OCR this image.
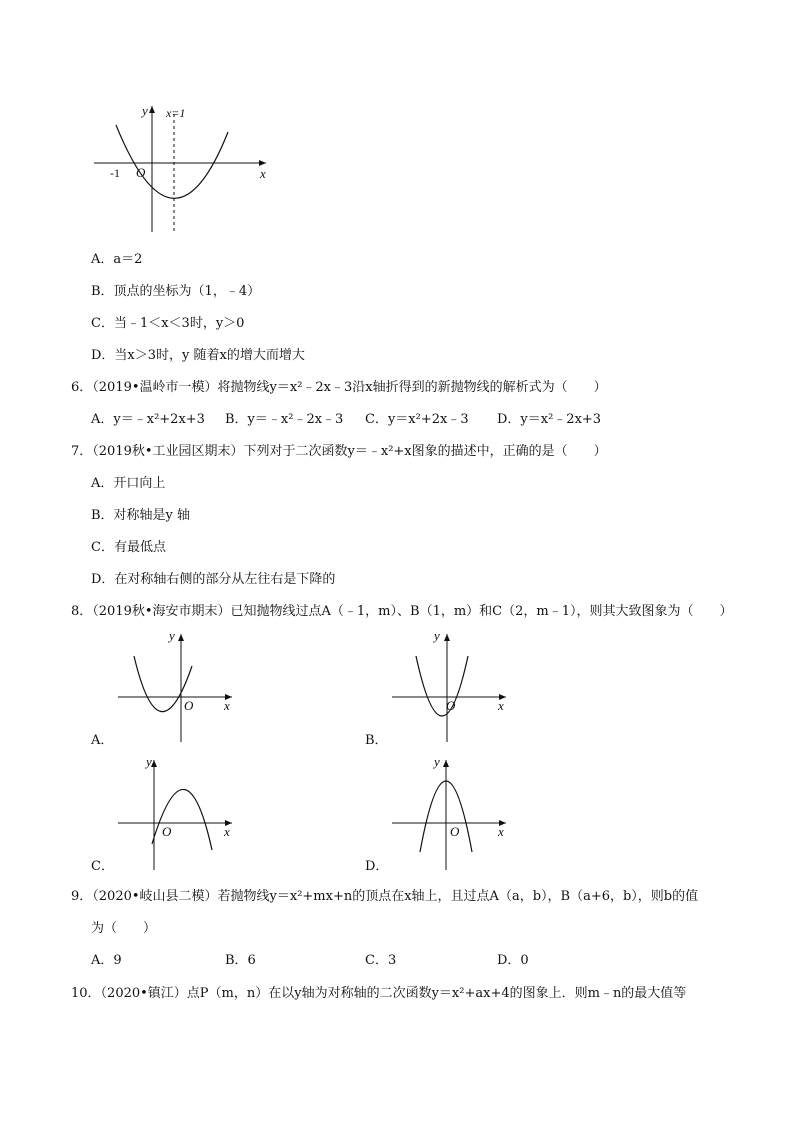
y
x
O
-1
x=1
A．a＝2
B．顶点的坐标为（1，﹣4）
C．当﹣1＜x＜3时，y＞0
D．当x＞3时，y 随着x的增大而增大
6．（2019•温岭市一模）将抛物线y＝x²﹣2x﹣3沿x轴折得到的新抛物线的解析式为（　　）
A．y＝﹣x²+2x+3 B．y＝﹣x²﹣2x﹣3 C．y＝x²+2x﹣3 D．y＝x²﹣2x+3
7．（2019秋•工业园区期末）下列对于二次函数y＝﹣x²+x图象的描述中，正确的是（　　）
A．开口向上
B．对称轴是y 轴
C．有最低点
D．在对称轴右侧的部分从左往右是下降的
8．（2019秋•海安市期末）已知抛物线过点A（﹣1，m）、B（1，m）和C（2，m﹣1），则其大致图象为（　　）
y
x
O
A．
y
x
O
B．
y
x
O
C．
y
x
O
D．
9．（2020•岐山县二模）若抛物线y＝x²+mx+n的顶点在x轴上，且过点A（a，b），B（a+6，b），则b的值
为（　　）
A．9	B．6	C．3	D．0
10．（2020•镇江）点P（m，n）在以y轴为对称轴的二次函数y＝x²+ax+4的图象上．则m﹣n的最大值等
